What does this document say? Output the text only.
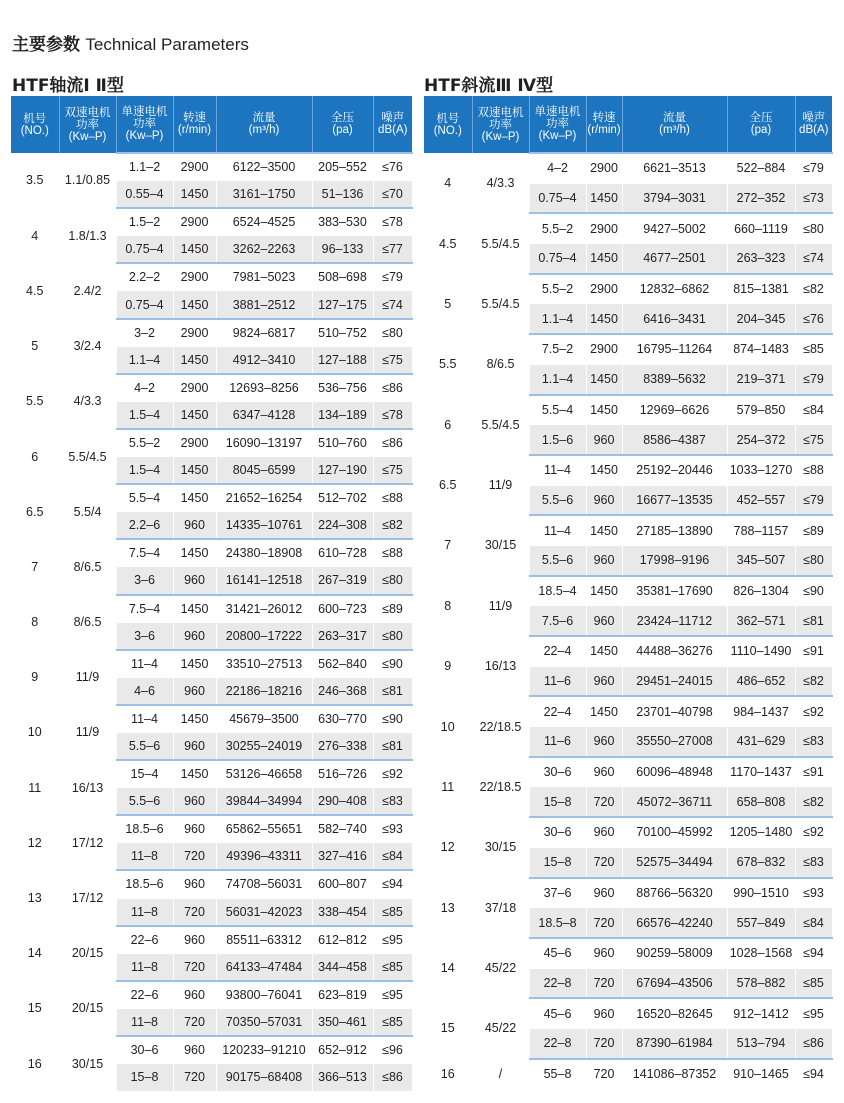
主要参数 Technical Parameters
HTF轴流Ⅰ Ⅱ型	HTF斜流Ⅲ Ⅳ型
机号
(NO.)	双速电机
功率
(Kw–P)	单速电机
功率
(Kw–P)	转速
(r/min)	流量
(m³/h)	全压
(pa)	噪声
dB(A)

3.5	1.1/0.85	1.1–2	2900	6122–3500	205–552	≤76
		0.55–4	1450	3161–1750	51–136	≤70
4	1.8/1.3	1.5–2	2900	6524–4525	383–530	≤78
		0.75–4	1450	3262–2263	96–133	≤77
4.5	2.4/2	2.2–2	2900	7981–5023	508–698	≤79
		0.75–4	1450	3881–2512	127–175	≤74
5	3/2.4	3–2	2900	9824–6817	510–752	≤80
		1.1–4	1450	4912–3410	127–188	≤75
5.5	4/3.3	4–2	2900	12693–8256	536–756	≤86
		1.5–4	1450	6347–4128	134–189	≤78
6	5.5/4.5	5.5–2	2900	16090–13197	510–760	≤86
		1.5–4	1450	8045–6599	127–190	≤75
6.5	5.5/4	5.5–4	1450	21652–16254	512–702	≤88
		2.2–6	960	14335–10761	224–308	≤82
7	8/6.5	7.5–4	1450	24380–18908	610–728	≤88
		3–6	960	16141–12518	267–319	≤80
8	8/6.5	7.5–4	1450	31421–26012	600–723	≤89
		3–6	960	20800–17222	263–317	≤80
9	11/9	11–4	1450	33510–27513	562–840	≤90
		4–6	960	22186–18216	246–368	≤81
10	11/9	11–4	1450	45679–3500	630–770	≤90
		5.5–6	960	30255–24019	276–338	≤81
11	16/13	15–4	1450	53126–46658	516–726	≤92
		5.5–6	960	39844–34994	290–408	≤83
12	17/12	18.5–6	960	65862–55651	582–740	≤93
		11–8	720	49396–43311	327–416	≤84
13	17/12	18.5–6	960	74708–56031	600–807	≤94
		11–8	720	56031–42023	338–454	≤85
14	20/15	22–6	960	85511–63312	612–812	≤95
		11–8	720	64133–47484	344–458	≤85
15	20/15	22–6	960	93800–76041	623–819	≤95
		11–8	720	70350–57031	350–461	≤85
16	30/15	30–6	960	120233–91210	652–912	≤96
		15–8	720	90175–68408	366–513	≤86
机号
(NO.)	双速电机
功率
(Kw–P)	单速电机
功率
(Kw–P)	转速
(r/min)	流量
(m³/h)	全压
(pa)	噪声
dB(A)

4	4/3.3	4–2	2900	6621–3513	522–884	≤79
		0.75–4	1450	3794–3031	272–352	≤73
4.5	5.5/4.5	5.5–2	2900	9427–5002	660–1119	≤80
		0.75–4	1450	4677–2501	263–323	≤74
5	5.5/4.5	5.5–2	2900	12832–6862	815–1381	≤82
		1.1–4	1450	6416–3431	204–345	≤76
5.5	8/6.5	7.5–2	2900	16795–11264	874–1483	≤85
		1.1–4	1450	8389–5632	219–371	≤79
6	5.5/4.5	5.5–4	1450	12969–6626	579–850	≤84
		1.5–6	960	8586–4387	254–372	≤75
6.5	11/9	11–4	1450	25192–20446	1033–1270	≤88
		5.5–6	960	16677–13535	452–557	≤79
7	30/15	11–4	1450	27185–13890	788–1157	≤89
		5.5–6	960	17998–9196	345–507	≤80
8	11/9	18.5–4	1450	35381–17690	826–1304	≤90
		7.5–6	960	23424–11712	362–571	≤81
9	16/13	22–4	1450	44488–36276	1110–1490	≤91
		11–6	960	29451–24015	486–652	≤82
10	22/18.5	22–4	1450	23701–40798	984–1437	≤92
		11–6	960	35550–27008	431–629	≤83
11	22/18.5	30–6	960	60096–48948	1170–1437	≤91
		15–8	720	45072–36711	658–808	≤82
12	30/15	30–6	960	70100–45992	1205–1480	≤92
		15–8	720	52575–34494	678–832	≤83
13	37/18	37–6	960	88766–56320	990–1510	≤93
		18.5–8	720	66576–42240	557–849	≤84
14	45/22	45–6	960	90259–58009	1028–1568	≤94
		22–8	720	67694–43506	578–882	≤85
15	45/22	45–6	960	16520–82645	912–1412	≤95
		22–8	720	87390–61984	513–794	≤86
16	/	55–8	720	141086–87352	910–1465	≤94
